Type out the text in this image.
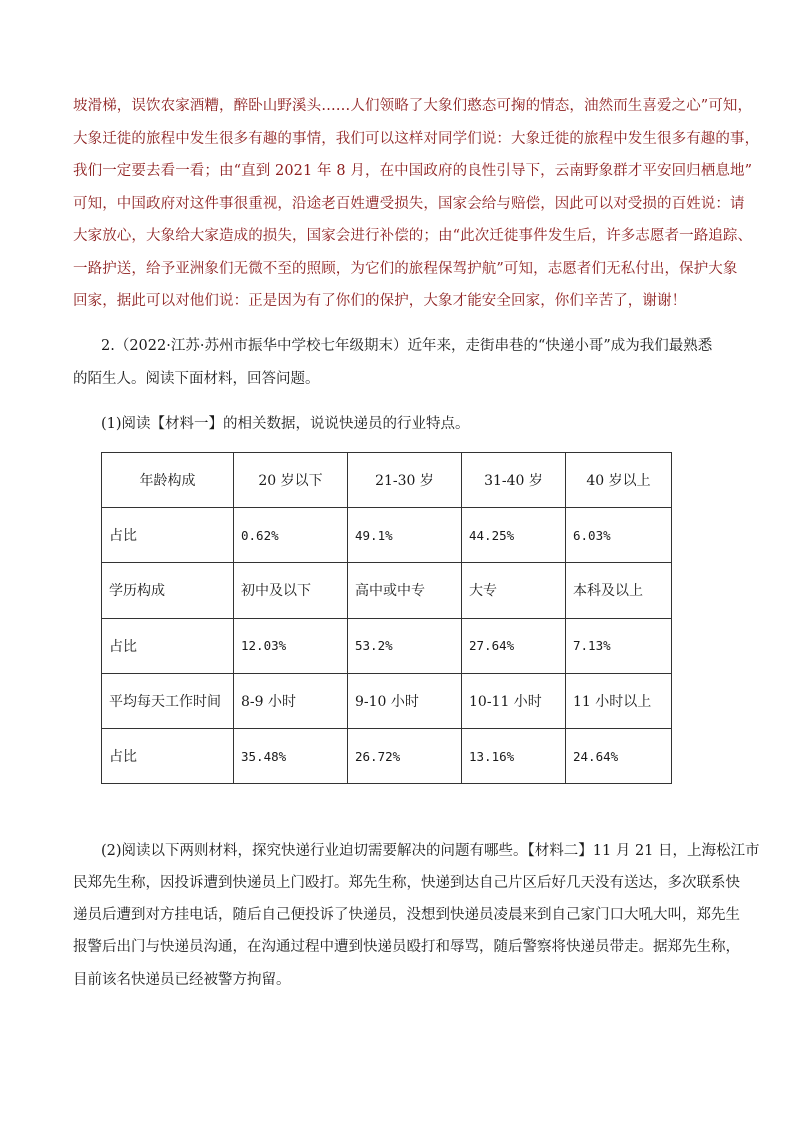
坡滑梯，误饮农家酒糟，醉卧山野溪头……人们领略了大象们憨态可掬的情态，油然而生喜爱之心”可知，
大象迁徙的旅程中发生很多有趣的事情，我们可以这样对同学们说：大象迁徙的旅程中发生很多有趣的事，
我们一定要去看一看；由“直到 2021 年 8 月，在中国政府的良性引导下，云南野象群才平安回归栖息地”
可知，中国政府对这件事很重视，沿途老百姓遭受损失，国家会给与赔偿，因此可以对受损的百姓说：请
大家放心，大象给大家造成的损失，国家会进行补偿的；由“此次迁徙事件发生后，许多志愿者一路追踪、
一路护送，给予亚洲象们无微不至的照顾，为它们的旅程保驾护航”可知，志愿者们无私付出，保护大象
回家，据此可以对他们说：正是因为有了你们的保护，大象才能安全回家，你们辛苦了，谢谢！
2.（2022·江苏·苏州市振华中学校七年级期末）近年来，走街串巷的“快递小哥”成为我们最熟悉
的陌生人。阅读下面材料，回答问题。
(1)阅读【材料一】的相关数据，说说快递员的行业特点。
年龄构成	20 岁以下	21-30 岁	31-40 岁	40 岁以上
占比	0.62%	49.1%	44.25%	6.03%
学历构成	初中及以下	高中或中专	大专	本科及以上
占比	12.03%	53.2%	27.64%	7.13%
平均每天工作时间	8-9 小时	9-10 小时	10-11 小时	11 小时以上
占比	35.48%	26.72%	13.16%	24.64%
(2)阅读以下两则材料，探究快递行业迫切需要解决的问题有哪些。【材料二】11 月 21 日，上海松江市
民郑先生称，因投诉遭到快递员上门殴打。郑先生称，快递到达自己片区后好几天没有送达，多次联系快
递员后遭到对方挂电话，随后自己便投诉了快递员，没想到快递员凌晨来到自己家门口大吼大叫，郑先生
报警后出门与快递员沟通，在沟通过程中遭到快递员殴打和辱骂，随后警察将快递员带走。据郑先生称，
目前该名快递员已经被警方拘留。
